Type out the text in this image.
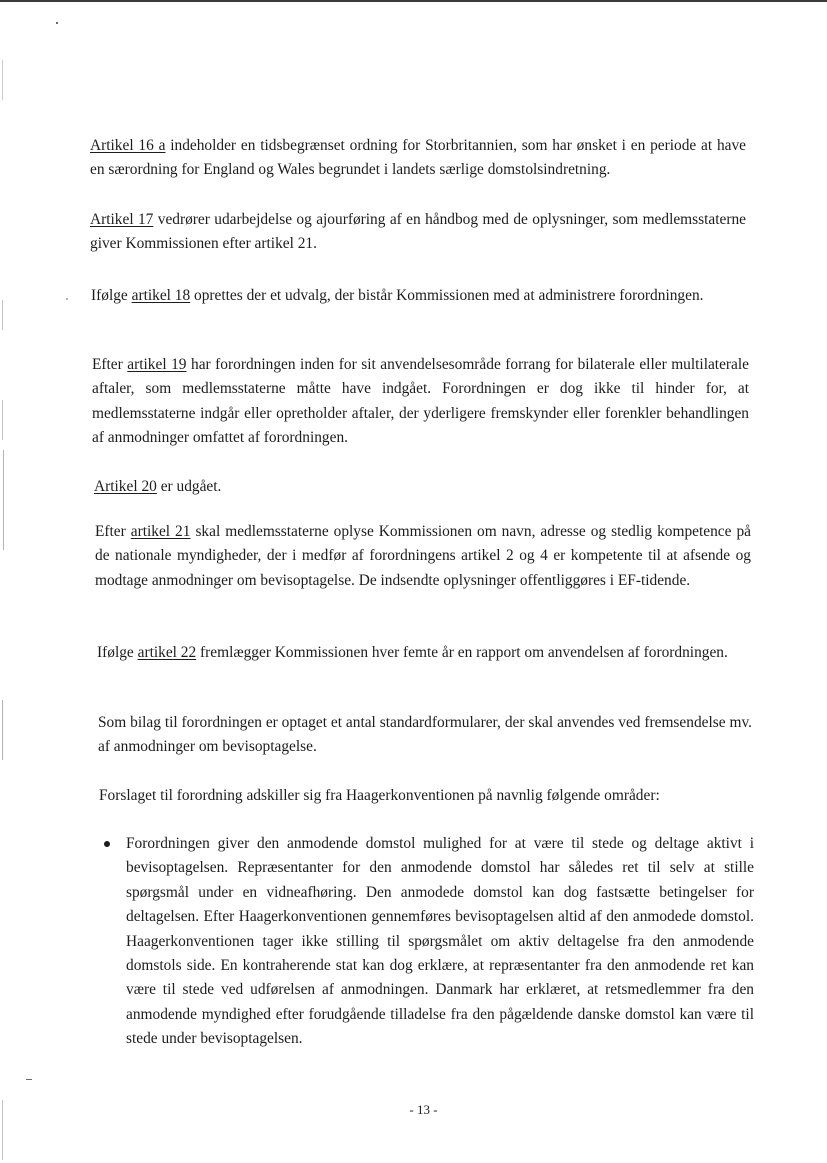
Artikel 16 a indeholder en tidsbegrænset ordning for Storbritannien, som har ønsket i en periode at have en særordning for England og Wales begrundet i landets særlige domstolsindretning.

Artikel 17 vedrører udarbejdelse og ajourføring af en håndbog med de oplysninger, som medlemsstaterne giver Kommissionen efter artikel 21.

Ifølge artikel 18 oprettes der et udvalg, der bistår Kommissionen med at administrere forordningen.

Efter artikel 19 har forordningen inden for sit anvendelsesområde forrang for bilaterale eller multilaterale aftaler, som medlemsstaterne måtte have indgået. Forordningen er dog ikke til hinder for, at medlemsstaterne indgår eller opretholder aftaler, der yderligere fremskynder eller forenkler behandlingen af anmodninger omfattet af forordningen.

Artikel 20 er udgået.

Efter artikel 21 skal medlemsstaterne oplyse Kommissionen om navn, adresse og stedlig kompetence på de nationale myndigheder, der i medfør af forordningens artikel 2 og 4 er kompetente til at afsende og modtage anmodninger om bevisoptagelse. De indsendte oplysninger offentliggøres i EF-tidende.

Ifølge artikel 22 fremlægger Kommissionen hver femte år en rapport om anvendelsen af forordningen.

Som bilag til forordningen er optaget et antal standardformularer, der skal anvendes ved fremsendelse mv. af anmodninger om bevisoptagelse.

Forslaget til forordning adskiller sig fra Haagerkonventionen på navnlig følgende områder:

Forordningen giver den anmodende domstol mulighed for at være til stede og deltage aktivt i bevisoptagelsen. Repræsentanter for den anmodende domstol har således ret til selv at stille spørgsmål under en vidneafhøring. Den anmodede domstol kan dog fastsætte betingelser for deltagelsen. Efter Haagerkonventionen gennemføres bevisoptagelsen altid af den anmodede domstol. Haagerkonventionen tager ikke stilling til spørgsmålet om aktiv deltagelse fra den anmodende domstols side. En kontraherende stat kan dog erklære, at repræsentanter fra den anmodende ret kan være til stede ved udførelsen af anmodningen. Danmark har erklæret, at retsmedlemmer fra den anmodende myndighed efter forudgående tilladelse fra den pågældende danske domstol kan være til stede under bevisoptagelsen.

- 13 -
